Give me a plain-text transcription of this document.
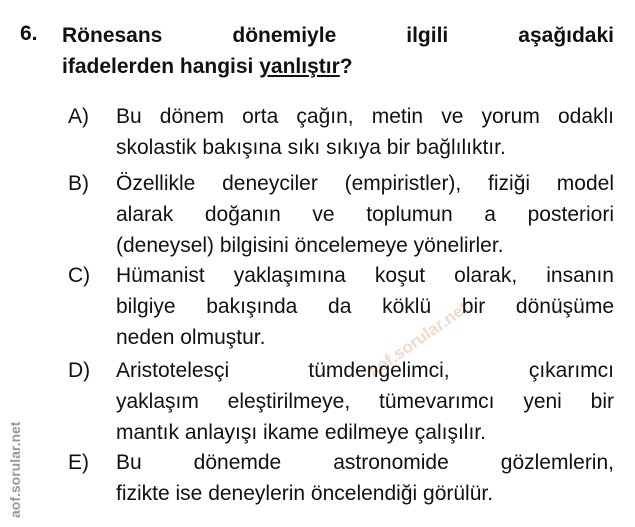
aof.sorular.net
aof.sorular.net
6. Rönesans dönemiyle ilgili aşağıdaki
ifadelerden hangisi yanlıştır?
A) Bu dönem orta çağın, metin ve yorum odaklı
skolastik bakışına sıkı sıkıya bir bağlılıktır.
B) Özellikle deneyciler (empiristler), fiziği model
alarak doğanın ve toplumun a posteriori
(deneysel) bilgisini öncelemeye yönelirler.
C) Hümanist yaklaşımına koşut olarak, insanın
bilgiye bakışında da köklü bir dönüşüme
neden olmuştur.
D) Aristotelesçi tümdengelimci, çıkarımcı
yaklaşım eleştirilmeye, tümevarımcı yeni bir
mantık anlayışı ikame edilmeye çalışılır.
E) Bu dönemde astronomide gözlemlerin,
fizikte ise deneylerin öncelendiği görülür.
